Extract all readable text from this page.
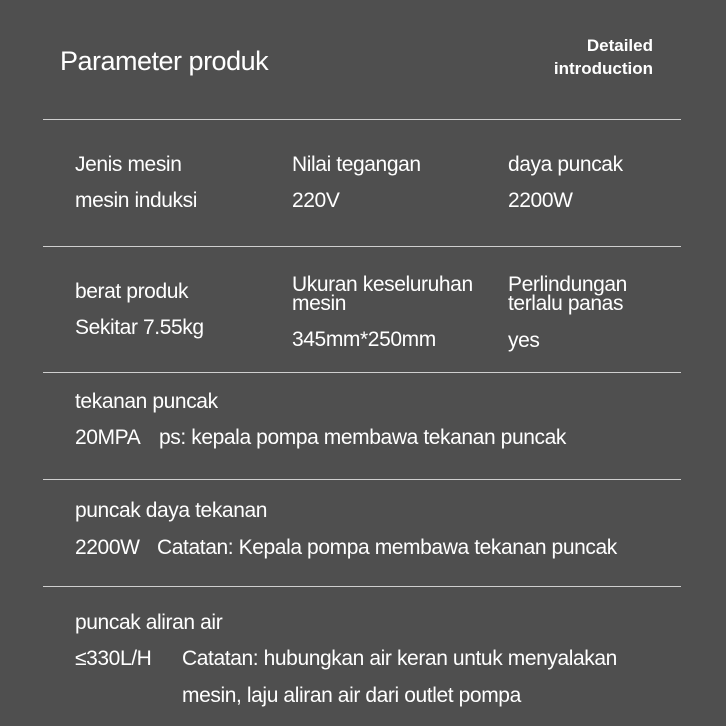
Parameter produk
Detailed
introduction
Jenis mesin
mesin induksi
Nilai tegangan
220V
daya puncak
2200W
berat produk
Sekitar 7.55kg
Ukuran keseluruhan
mesin
345mm*250mm
Perlindungan
terlalu panas
yes
tekanan puncak
20MPA ps: kepala pompa membawa tekanan puncak
puncak daya tekanan
2200W Catatan: Kepala pompa membawa tekanan puncak
puncak aliran air
≤330L/H Catatan: hubungkan air keran untuk menyalakan
mesin, laju aliran air dari outlet pompa
